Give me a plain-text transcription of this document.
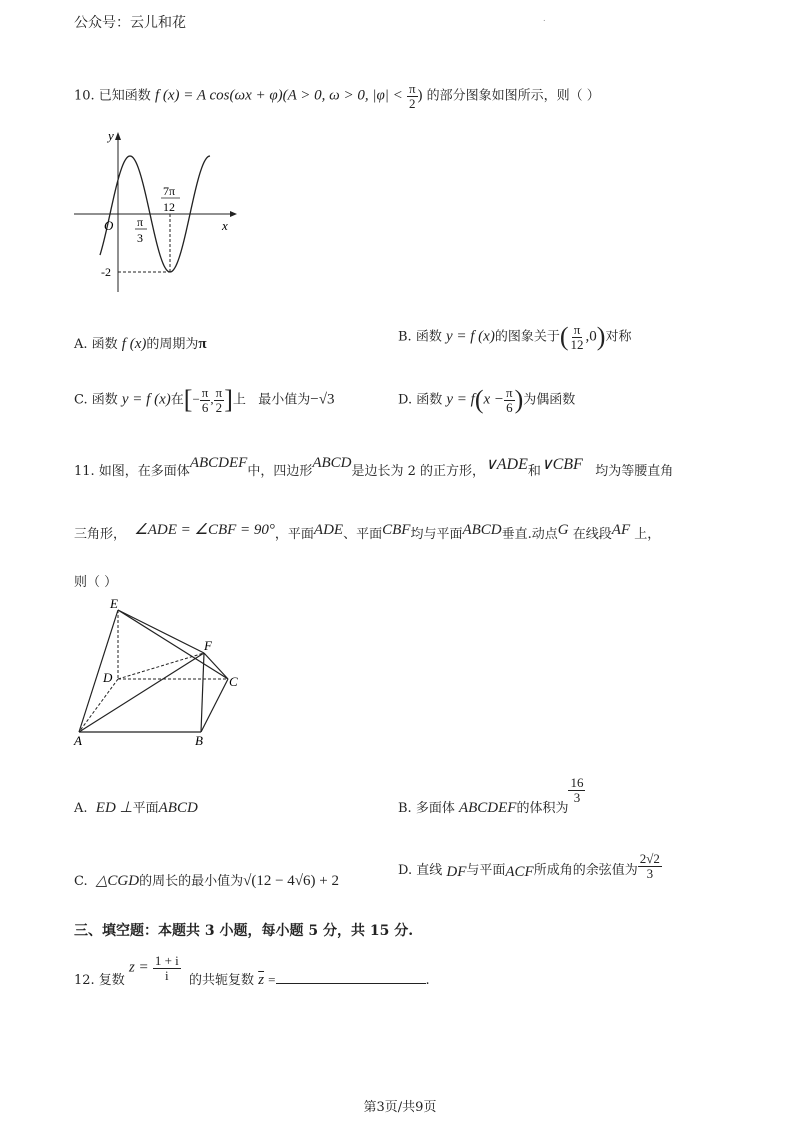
公众号：云儿和花	.
10. 已知函数 f (x) = A cos(ωx + φ)(A > 0, ω > 0, $|\varphi| < \frac{\pi}{2}$ ) 的部分图象如图所示，则（ ）
y
x
O π
3
7π
12
-2
A. 函数 f (x)的周期为π	B. 函数 y = f (x)的图象关于( $\frac{\pi}{12} ,0$)对称
C. 函数 y = f (x)在[− $\frac{\pi}{6}$ , $\frac{\pi}{2}$ ]上 最小值为−√3	D. 函数 $y = f(x - \frac{\pi}{6}$ )为偶函数
11. 如图，在多面体ABCDEF中，四边形ABCD是边长为 2 的正方形，∨ADE和∨CBF 均为等腰直角
三角形， ∠ADE = ∠CBF = 90°，平面ADE、平面CBF均与平面ABCD垂直.动点G 在线段AF 上，
则（ ）
E
F
D	C
A	B
A. ED ⊥平面ABCD	B. 多面体 ABCDEF的体积为
$\frac{16}{3}$
C. △CGD的周长的最小值为√(12 − 4√6) + 2
D. 直线 DF与平面ACF所成角的余弦值为 $\frac{2√2}{3}$
三、填空题：本题共 3 小题，每小题 5 分，共 15 分.
12. 复数 $z = \frac{1 + i}{i}$ 的共轭复数 $\overline{z}$ =	.
第3页/共9页
